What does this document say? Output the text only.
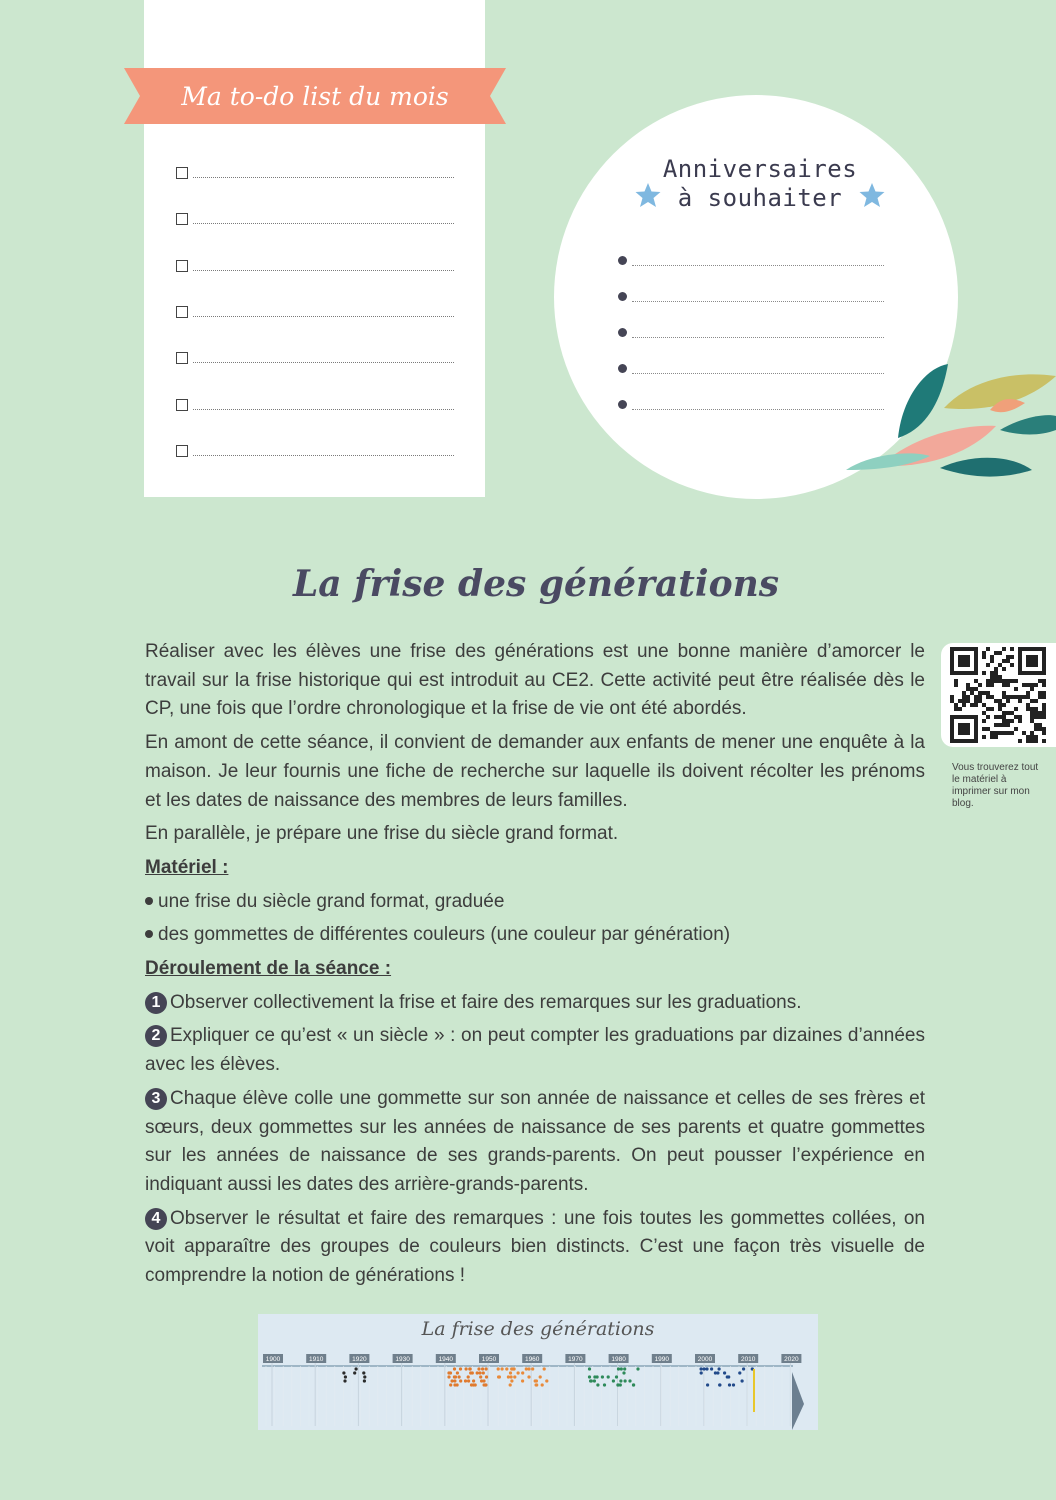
Ma to-do list du mois
Anniversaires
à souhaiter
La frise des générations
Vous trouverez tout le matériel à imprimer sur mon blog.

Réaliser avec les élèves une frise des générations est une bonne manière d’amorcer le travail sur la frise historique qui est introduit au CE2. Cette activité peut être réalisée dès le CP, une fois que l’ordre chronologique et la frise de vie ont été abordés.

En amont de cette séance, il convient de demander aux enfants de mener une enquête à la maison. Je leur fournis une fiche de recherche sur laquelle ils doivent récolter les prénoms et les dates de naissance des membres de leurs familles.

En parallèle, je prépare une frise du siècle grand format.

Matériel :
une frise du siècle grand format, graduée
des gommettes de différentes couleurs (une couleur par génération)
Déroulement de la séance :
1 Observer collectivement la frise et faire des remarques sur les graduations.
2 Expliquer ce qu’est « un siècle » : on peut compter les graduations par dizaines d’années avec les élèves.
3 Chaque élève colle une gommette sur son année de naissance et celles de ses frères et sœurs, deux gommettes sur les années de naissance de ses parents et quatre gommettes sur les années de naissance de ses grands-parents. On peut pousser l’expérience en indiquant aussi les dates des arrière-grands-parents.
4 Observer le résultat et faire des remarques : une fois toutes les gommettes collées, on voit apparaître des groupes de couleurs bien distincts. C’est une façon très visuelle de comprendre la notion de générations !
La frise des générations
1900	1910	1920	1930	1940	1950	1960	1970	1980	1990	2000	2010	2020
